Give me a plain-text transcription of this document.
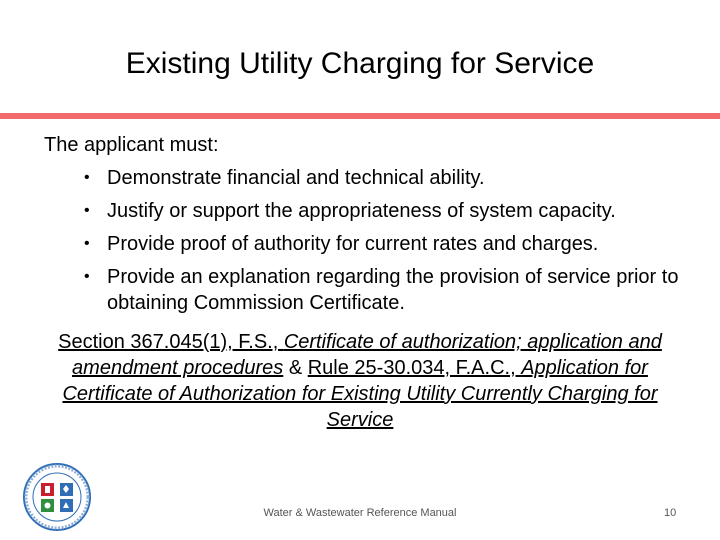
Existing Utility Charging for Service
The applicant must:
• Demonstrate financial and technical ability.
• Justify or support the appropriateness of system capacity.
• Provide proof of authority for current rates and charges.
• Provide an explanation regarding the provision of service prior to obtaining Commission Certificate.
Section 367.045(1), F.S., Certificate of authorization; application and amendment procedures & Rule 25-30.034, F.A.C., Application for Certificate of Authorization for Existing Utility Currently Charging for Service
Water & Wastewater Reference Manual	10
